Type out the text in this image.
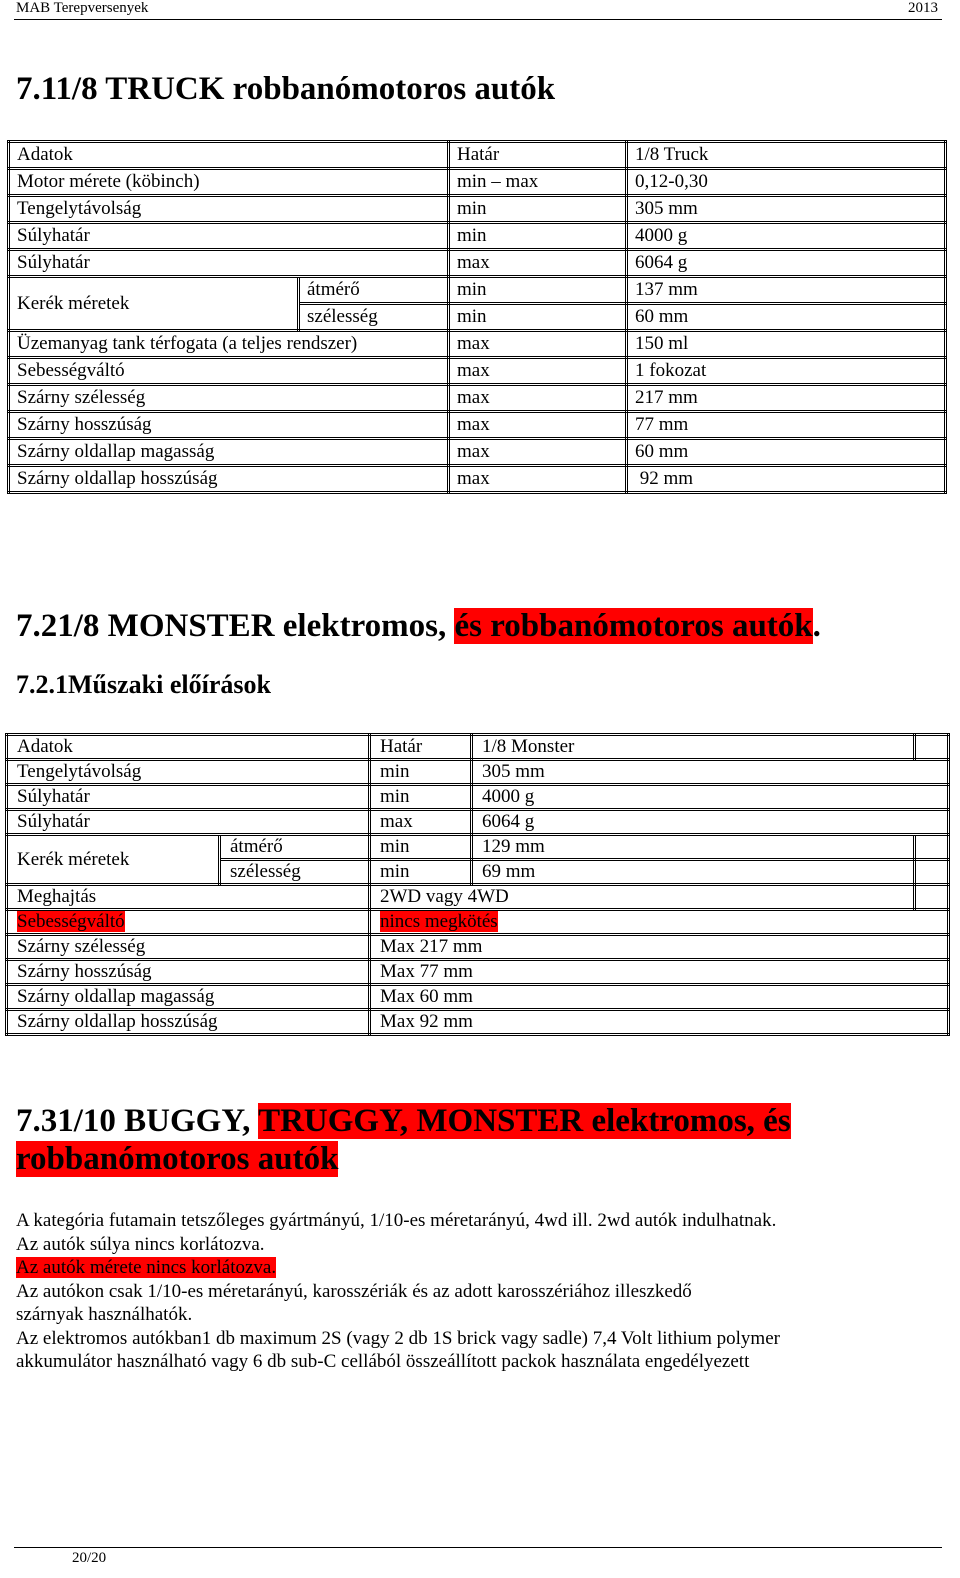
MAB Terepversenyek	2013
7.11/8 TRUCK robbanómotoros autók
Adatok		Határ	1/8 Truck
Motor mérete (köbinch)		min – max	0,12-0,30
Tengelytávolság		min	305 mm
Súlyhatár		min	4000 g
Súlyhatár		max	6064 g
Kerék méretek	átmérő	min	137 mm
	szélesség	min	60 mm
Üzemanyag tank térfogata (a teljes rendszer)		max	150 ml
Sebességváltó		max	1 fokozat
Szárny szélesség		max	217 mm
Szárny hosszúság		max	77 mm
Szárny oldallap magasság		max	60 mm
Szárny oldallap hosszúság		max	92 mm
7.21/8 MONSTER elektromos, és robbanómotoros autók.
7.2.1Műszaki előírások
Adatok		Határ	1/8 Monster	
Tengelytávolság		min	305 mm	
Súlyhatár		min	4000 g	
Súlyhatár		max	6064 g	
Kerék méretek	átmérő	min	129 mm	
	szélesség	min	69 mm	
Meghajtás		2WD vagy 4WD		
Sebességváltó		nincs megkötés		
Szárny szélesség		Max 217 mm		
Szárny hosszúság		Max 77 mm		
Szárny oldallap magasság		Max 60 mm		
Szárny oldallap hosszúság		Max 92 mm		
7.31/10 BUGGY, TRUGGY, MONSTER elektromos, és
robbanómotoros autók
A kategória futamain tetszőleges gyártmányú, 1/10-es méretarányú, 4wd ill. 2wd autók indulhatnak.
Az autók súlya nincs korlátozva.
Az autók mérete nincs korlátozva.
Az autókon csak 1/10-es méretarányú, karosszériák és az adott karosszériához illeszkedő
szárnyak használhatók.
Az elektromos autókban1 db maximum 2S (vagy 2 db 1S brick vagy sadle) 7,4 Volt lithium polymer
akkumulátor használható vagy 6 db sub-C cellából összeállított packok használata engedélyezett
20/20
